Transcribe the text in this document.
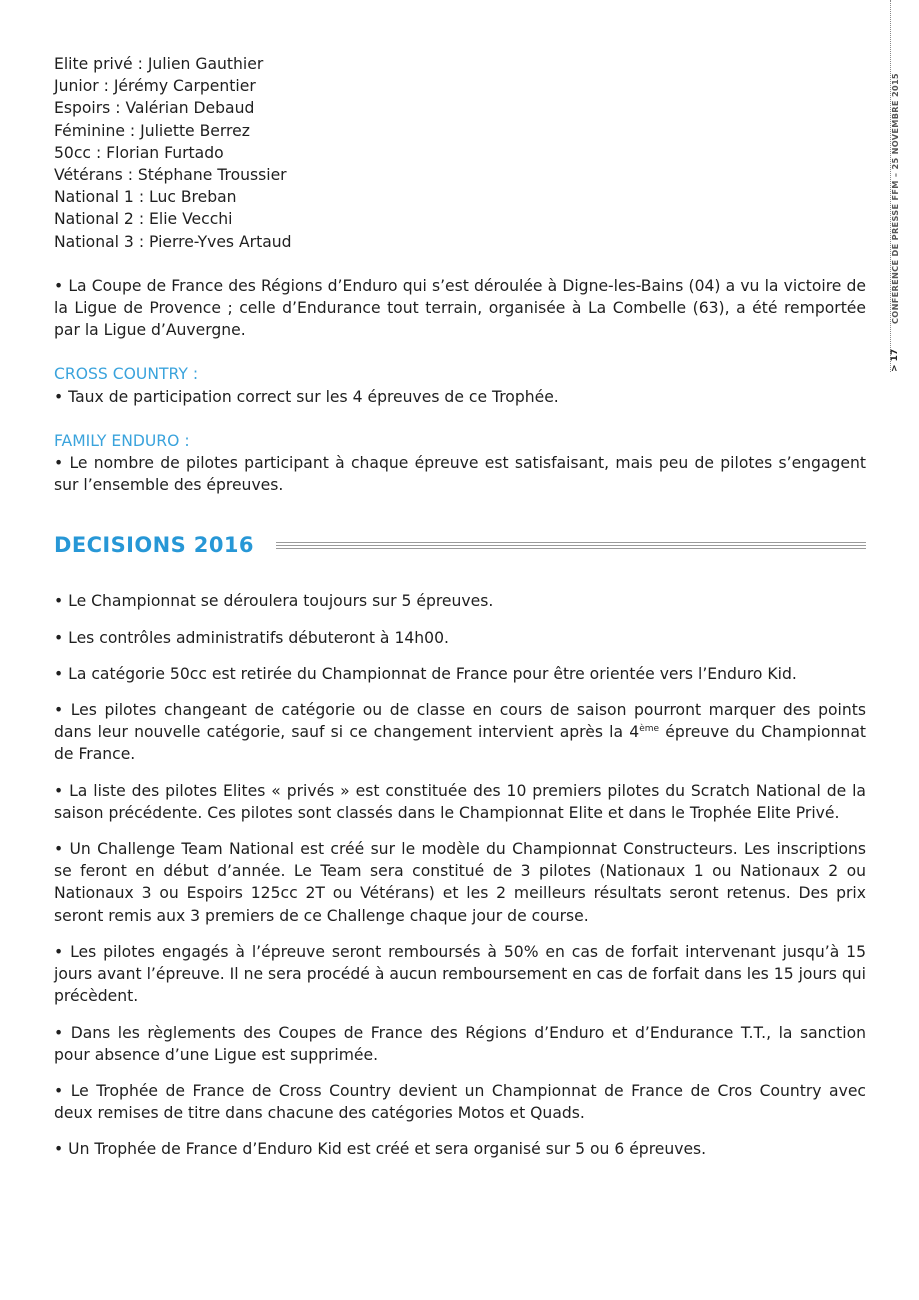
CONFERENCE DE PRESSE FFM – 25 NOVEMBRE 2015
> 17
Elite privé : Julien Gauthier
Junior : Jérémy Carpentier
Espoirs : Valérian Debaud
Féminine : Juliette Berrez
50cc : Florian Furtado
Vétérans : Stéphane Troussier
National 1 : Luc Breban
National 2 : Elie Vecchi
National 3 : Pierre-Yves Artaud

• La Coupe de France des Régions d’Enduro qui s’est déroulée à Digne-les-Bains (04) a vu la victoire de la Ligue de Provence ; celle d’Endurance tout terrain, organisée à La Combelle (63), a été remportée par la Ligue d’Auvergne.

CROSS COUNTRY :

• Taux de participation correct sur les 4 épreuves de ce Trophée.

FAMILY ENDURO :

• Le nombre de pilotes participant à chaque épreuve est satisfaisant, mais peu de pilotes s’engagent sur l’ensemble des épreuves.

DECISIONS 2016

• Le Championnat se déroulera toujours sur 5 épreuves.

• Les contrôles administratifs débuteront à 14h00.

• La catégorie 50cc est retirée du Championnat de France pour être orientée vers l’Enduro Kid.

• Les pilotes changeant de catégorie ou de classe en cours de saison pourront marquer des points dans leur nouvelle catégorie, sauf si ce changement intervient après la 4ème épreuve du Championnat de France.

• La liste des pilotes Elites « privés » est constituée des 10 premiers pilotes du Scratch National de la saison précédente. Ces pilotes sont classés dans le Championnat Elite et dans le Trophée Elite Privé.

• Un Challenge Team National est créé sur le modèle du Championnat Constructeurs. Les inscriptions se feront en début d’année. Le Team sera constitué de 3 pilotes (Nationaux 1 ou Nationaux 2 ou Nationaux 3 ou Espoirs 125cc 2T ou Vétérans) et les 2 meilleurs résultats seront retenus. Des prix seront remis aux 3 premiers de ce Challenge chaque jour de course.

• Les pilotes engagés à l’épreuve seront remboursés à 50% en cas de forfait intervenant jusqu’à 15 jours avant l’épreuve. Il ne sera procédé à aucun remboursement en cas de forfait dans les 15 jours qui précèdent.

• Dans les règlements des Coupes de France des Régions d’Enduro et d’Endurance T.T., la sanction pour absence d’une Ligue est supprimée.

• Le Trophée de France de Cross Country devient un Championnat de France de Cros Country avec deux remises de titre dans chacune des catégories Motos et Quads.

• Un Trophée de France d’Enduro Kid est créé et sera organisé sur 5 ou 6 épreuves.
